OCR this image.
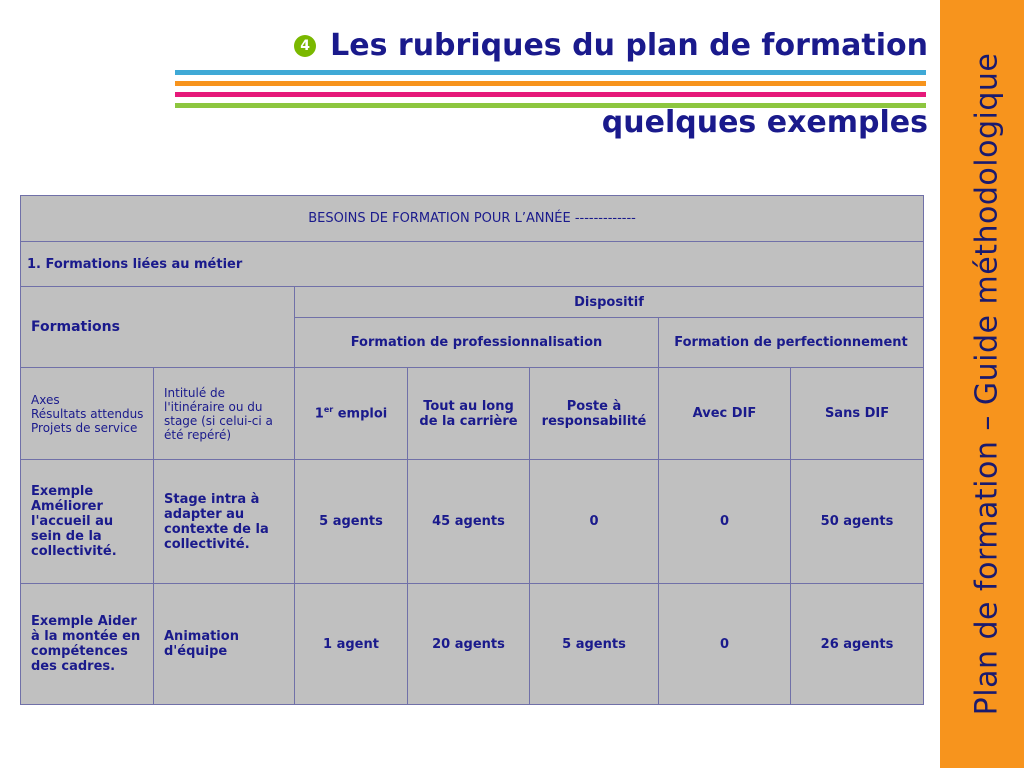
Plan de formation – Guide méthodologique
4 Les rubriques du plan de formation
quelques exemples
BESOINS DE FORMATION POUR L’ANNÉE -------------						
1. Formations liées au métier						
Formations		Dispositif				
		Formation de professionnalisation			Formation de perfectionnement	
Axes
Résultats attendus
Projets de service	Intitulé de l'itinéraire ou du stage (si celui-ci a été repéré)	1er emploi	Tout au long de la carrière	Poste à responsabilité	Avec DIF	Sans DIF
Exemple Améliorer l'accueil au sein de la collectivité.	Stage intra à adapter au contexte de la collectivité.	5 agents	45 agents	0	0	50 agents
Exemple Aider à la montée en compétences des cadres.	Animation d'équipe	1 agent	20 agents	5 agents	0	26 agents
